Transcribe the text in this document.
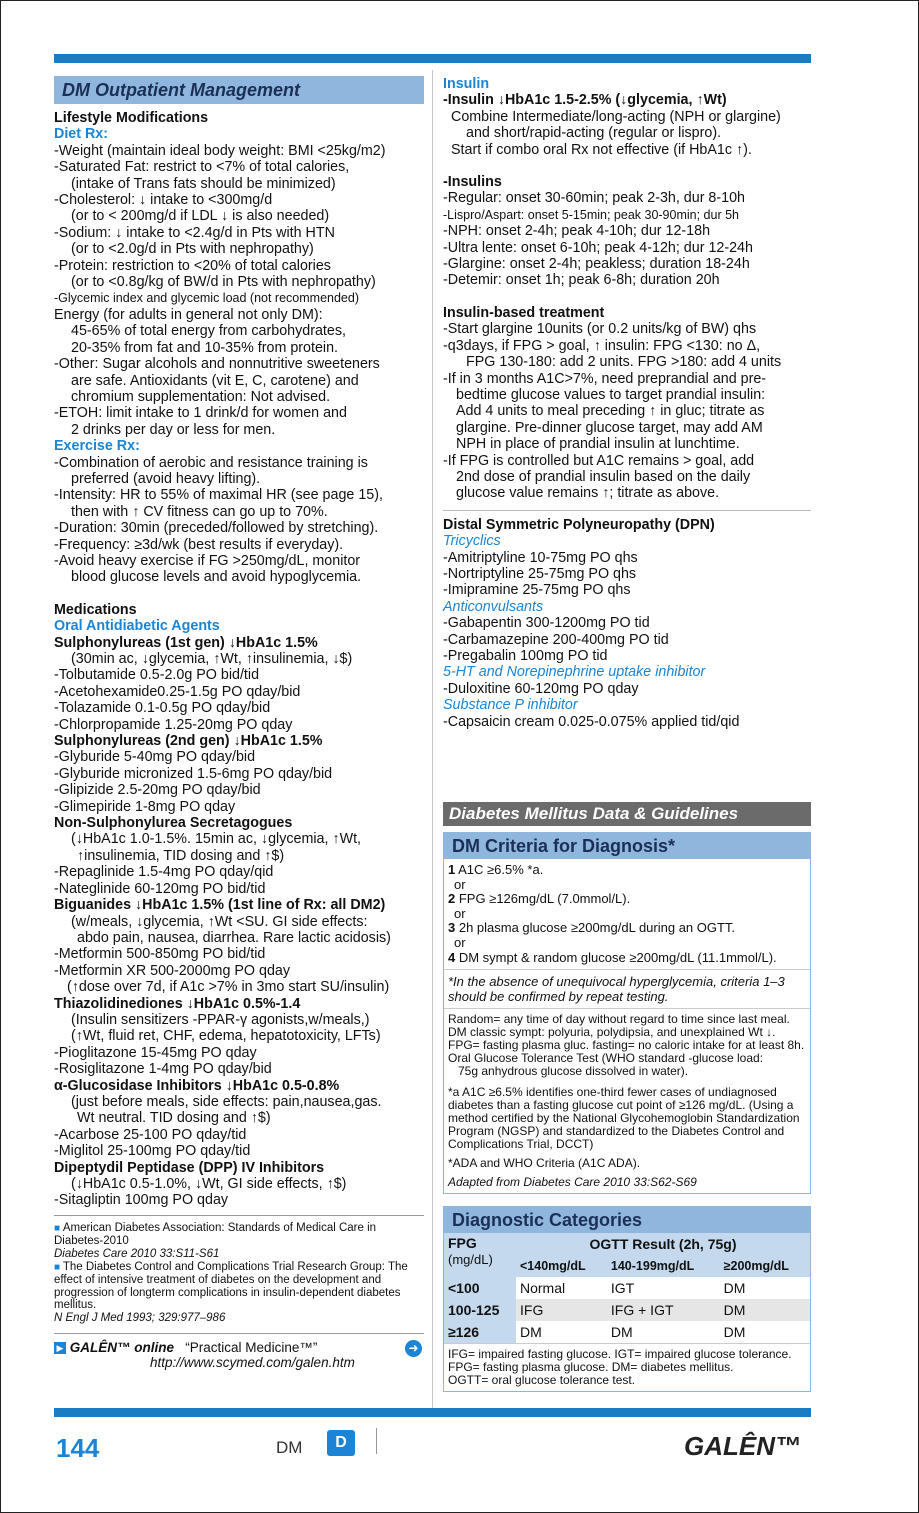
DM Outpatient Management
Lifestyle Modifications
Diet Rx:
-Weight (maintain ideal body weight: BMI <25kg/m2)
-Saturated Fat: restrict to <7% of total calories,
(intake of Trans fats should be minimized)
-Cholesterol: ↓ intake to <300mg/d
(or to < 200mg/d if LDL ↓ is also needed)
-Sodium: ↓ intake to <2.4g/d in Pts with HTN
(or to <2.0g/d in Pts with nephropathy)
-Protein: restriction to <20% of total calories
(or to <0.8g/kg of BW/d in Pts with nephropathy)
-Glycemic index and glycemic load (not recommended)
Energy (for adults in general not only DM):
45-65% of total energy from carbohydrates,
20-35% from fat and 10-35% from protein.
-Other: Sugar alcohols and nonnutritive sweeteners
are safe. Antioxidants (vit E, C, carotene) and
chromium supplementation: Not advised.
-ETOH: limit intake to 1 drink/d for women and
2 drinks per day or less for men.
Exercise Rx:
-Combination of aerobic and resistance training is
preferred (avoid heavy lifting).
-Intensity: HR to 55% of maximal HR (see page 15),
then with ↑ CV fitness can go up to 70%.
-Duration: 30min (preceded/followed by stretching).
-Frequency: ≥3d/wk (best results if everyday).
-Avoid heavy exercise if FG >250mg/dL, monitor
blood glucose levels and avoid hypoglycemia.
Medications
Oral Antidiabetic Agents
Sulphonylureas (1st gen) ↓HbA1c 1.5%
(30min ac, ↓glycemia, ↑Wt, ↑insulinemia, ↓$)
-Tolbutamide 0.5-2.0g PO bid/tid
-Acetohexamide0.25-1.5g PO qday/bid
-Tolazamide 0.1-0.5g PO qday/bid
-Chlorpropamide 1.25-20mg PO qday
Sulphonylureas (2nd gen) ↓HbA1c 1.5%
-Glyburide 5-40mg PO qday/bid
-Glyburide micronized 1.5-6mg PO qday/bid
-Glipizide 2.5-20mg PO qday/bid
-Glimepiride 1-8mg PO qday
Non-Sulphonylurea Secretagogues
(↓HbA1c 1.0-1.5%. 15min ac, ↓glycemia, ↑Wt,
↑insulinemia, TID dosing and ↑$)
-Repaglinide 1.5-4mg PO qday/qid
-Nateglinide 60-120mg PO bid/tid
Biguanides ↓HbA1c 1.5% (1st line of Rx: all DM2)
(w/meals, ↓glycemia, ↑Wt <SU. GI side effects:
abdo pain, nausea, diarrhea. Rare lactic acidosis)
-Metformin 500-850mg PO bid/tid
-Metformin XR 500-2000mg PO qday
(↑dose over 7d, if A1c >7% in 3mo start SU/insulin)
Thiazolidinediones ↓HbA1c 0.5%-1.4
(Insulin sensitizers -PPAR-γ agonists,w/meals,)
(↑Wt, fluid ret, CHF, edema, hepatotoxicity, LFTs)
-Pioglitazone 15-45mg PO qday
-Rosiglitazone 1-4mg PO qday/bid
α-Glucosidase Inhibitors ↓HbA1c 0.5-0.8%
(just before meals, side effects: pain,nausea,gas.
Wt neutral. TID dosing and ↑$)
-Acarbose 25-100 PO qday/tid
-Miglitol 25-100mg PO qday/tid
Dipeptydil Peptidase (DPP) IV Inhibitors
(↓HbA1c 0.5-1.0%, ↓Wt, GI side effects, ↑$)
-Sitagliptin 100mg PO qday
■ American Diabetes Association: Standards of Medical Care in Diabetes-2010
Diabetes Care 2010 33:S11-S61
■ The Diabetes Control and Complications Trial Research Group: The effect of intensive treatment of diabetes on the development and progression of longterm complications in insulin-dependent diabetes mellitus.
N Engl J Med 1993; 329:977–986
▶ GALÊN™ online “Practical Medicine™”
http://www.scymed.com/galen.htm
➜
Insulin
-Insulin ↓HbA1c 1.5-2.5% (↓glycemia, ↑Wt)
Combine Intermediate/long-acting (NPH or glargine)
and short/rapid-acting (regular or lispro).
Start if combo oral Rx not effective (if HbA1c ↑).
-Insulins
-Regular: onset 30-60min; peak 2-3h, dur 8-10h
-Lispro/Aspart: onset 5-15min; peak 30-90min; dur 5h
-NPH: onset 2-4h; peak 4-10h; dur 12-18h
-Ultra lente: onset 6-10h; peak 4-12h; dur 12-24h
-Glargine: onset 2-4h; peakless; duration 18-24h
-Detemir: onset 1h; peak 6-8h; duration 20h
Insulin-based treatment
-Start glargine 10units (or 0.2 units/kg of BW) qhs
-q3days, if FPG > goal, ↑ insulin: FPG <130: no Δ,
FPG 130-180: add 2 units. FPG >180: add 4 units
-If in 3 months A1C>7%, need preprandial and pre-
bedtime glucose values to target prandial insulin:
Add 4 units to meal preceding ↑ in gluc; titrate as
glargine. Pre-dinner glucose target, may add AM
NPH in place of prandial insulin at lunchtime.
-If FPG is controlled but A1C remains > goal, add
2nd dose of prandial insulin based on the daily
glucose value remains ↑; titrate as above.
Distal Symmetric Polyneuropathy (DPN)
Tricyclics
-Amitriptyline 10-75mg PO qhs
-Nortriptyline 25-75mg PO qhs
-Imipramine 25-75mg PO qhs
Anticonvulsants
-Gabapentin 300-1200mg PO tid
-Carbamazepine 200-400mg PO tid
-Pregabalin 100mg PO tid
5-HT and Norepinephrine uptake inhibitor
-Duloxitine 60-120mg PO qday
Substance P inhibitor
-Capsaicin cream 0.025-0.075% applied tid/qid
Diabetes Mellitus Data & Guidelines
DM Criteria for Diagnosis*
1 A1C ≥6.5% *a.
or
2 FPG ≥126mg/dL (7.0mmol/L).
or
3 2h plasma glucose ≥200mg/dL during an OGTT.
or
4 DM sympt & random glucose ≥200mg/dL (11.1mmol/L).
*In the absence of unequivocal hyperglycemia, criteria 1–3 should be confirmed by repeat testing.
Random= any time of day without regard to time since last meal.
DM classic sympt: polyuria, polydipsia, and unexplained Wt ↓.
FPG= fasting plasma gluc. fasting= no caloric intake for at least 8h.
Oral Glucose Tolerance Test (WHO standard -glucose load:
75g anhydrous glucose dissolved in water).
*a A1C ≥6.5% identifies one-third fewer cases of undiagnosed diabetes than a fasting glucose cut point of ≥126 mg/dL. (Using a method certified by the National Glycohemoglobin Standardization Program (NGSP) and standardized to the Diabetes Control and Complications Trial, DCCT)
*ADA and WHO Criteria (A1C ADA).
Adapted from Diabetes Care 2010 33:S62-S69
Diagnostic Categories
FPG
(mg/dL)	OGTT Result (2h, 75g)		
	<140mg/dL	140-199mg/dL	≥200mg/dL
<100	Normal	IGT	DM
100-125	IFG	IFG + IGT	DM
≥126	DM	DM	DM
IFG= impaired fasting glucose. IGT= impaired glucose tolerance.
FPG= fasting plasma glucose. DM= diabetes mellitus.
OGTT= oral glucose tolerance test.
144	DM	D	GALÊN™
